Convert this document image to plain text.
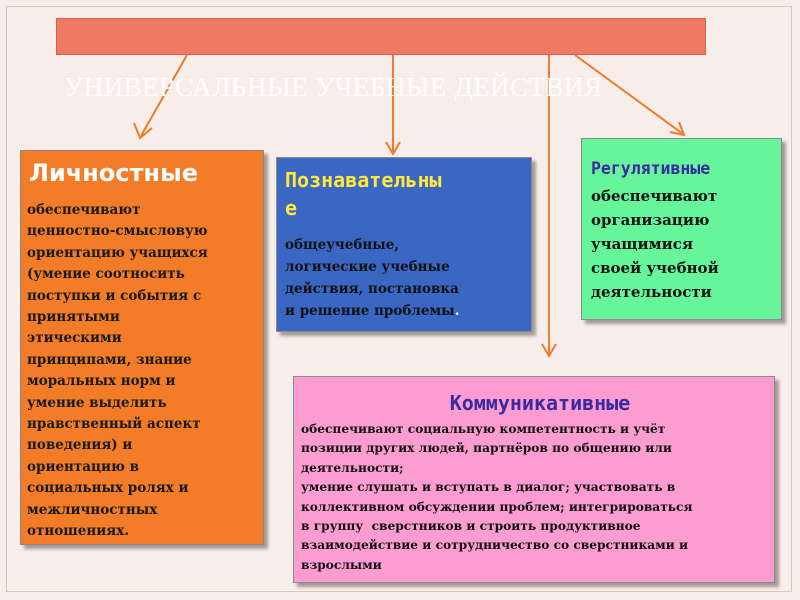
УНИВЕРСАЛЬНЫЕ УЧЕБНЫЕ ДЕЙСТВИЯ
Личностные
обеспечивают
ценностно-смысловую
ориентацию учащихся
(умение соотносить
поступки и события с
принятыми
этическими
принципами, знание
моральных норм и
умение выделить
нравственный аспект
поведения) и
ориентацию в
социальных ролях и
межличностных
отношениях.
Познавательны
е
общеучебные,
логические учебные
действия, постановка
и решение проблемы.
Регулятивные
обеспечивают
организацию
учащимися
своей учебной
деятельности
Коммуникативные
обеспечивают социальную компетентность и учёт
позиции других людей, партнёров по общению или
деятельности;
умение слушать и вступать в диалог; участвовать в
коллективном обсуждении проблем; интегрироваться
в группу  сверстников и строить продуктивное
взаимодействие и сотрудничество со сверстниками и
взрослыми
